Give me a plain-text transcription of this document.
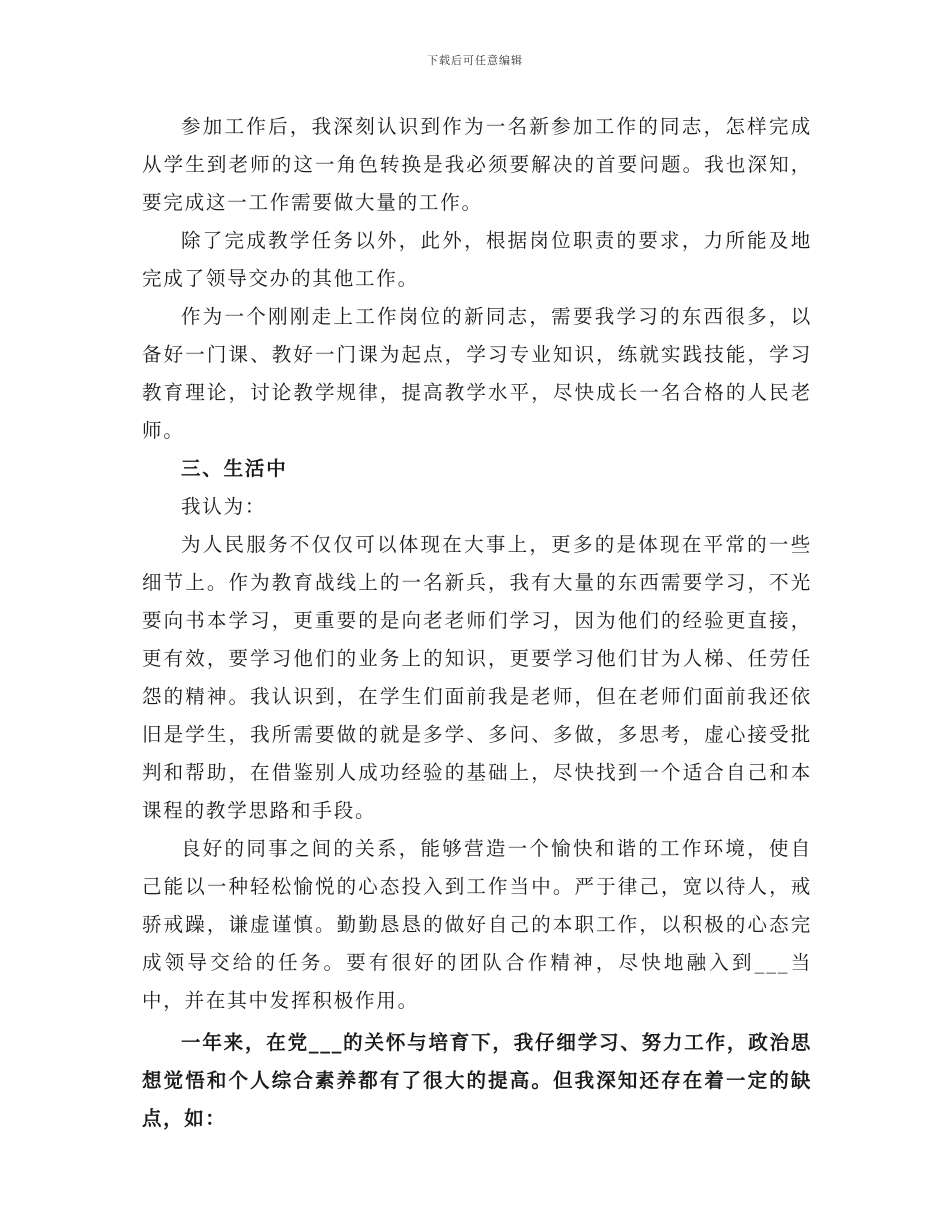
下载后可任意编辑

参加工作后，我深刻认识到作为一名新参加工作的同志，怎样完成从学生到老师的这一角色转换是我必须要解决的首要问题。我也深知，要完成这一工作需要做大量的工作。

除了完成教学任务以外，此外，根据岗位职责的要求，力所能及地完成了领导交办的其他工作。

作为一个刚刚走上工作岗位的新同志，需要我学习的东西很多，以备好一门课、教好一门课为起点，学习专业知识，练就实践技能，学习教育理论，讨论教学规律，提高教学水平，尽快成长一名合格的人民老师。

三、生活中

我认为：

为人民服务不仅仅可以体现在大事上，更多的是体现在平常的一些细节上。作为教育战线上的一名新兵，我有大量的东西需要学习，不光要向书本学习，更重要的是向老老师们学习，因为他们的经验更直接，更有效，要学习他们的业务上的知识，更要学习他们甘为人梯、任劳任怨的精神。我认识到，在学生们面前我是老师，但在老师们面前我还依旧是学生，我所需要做的就是多学、多问、多做，多思考，虚心接受批判和帮助，在借鉴别人成功经验的基础上，尽快找到一个适合自己和本课程的教学思路和手段。

良好的同事之间的关系，能够营造一个愉快和谐的工作环境，使自己能以一种轻松愉悦的心态投入到工作当中。严于律己，宽以待人，戒骄戒躁，谦虚谨慎。勤勤恳恳的做好自己的本职工作，以积极的心态完成领导交给的任务。要有很好的团队合作精神，尽快地融入到___当中，并在其中发挥积极作用。

一年来，在党___的关怀与培育下，我仔细学习、努力工作，政治思想觉悟和个人综合素养都有了很大的提高。但我深知还存在着一定的缺点，如：
